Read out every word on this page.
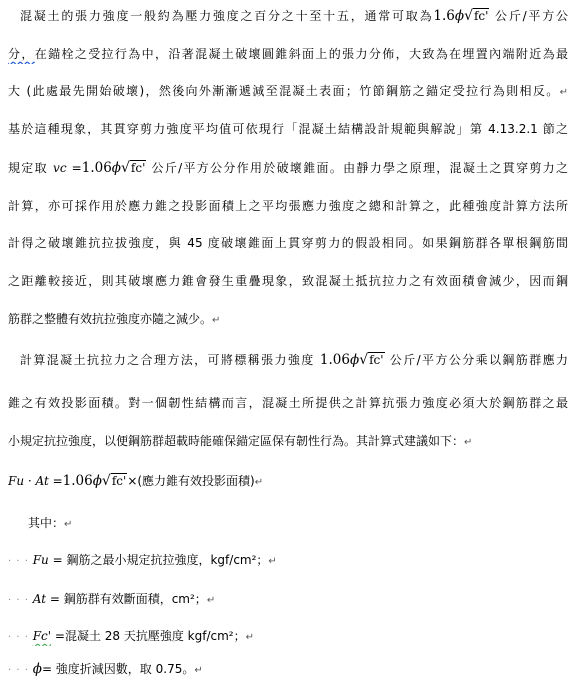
混凝土的張力強度一般約為壓力強度之百分之十至十五，通常可取為1.6ϕ√fc' 公斤/平方公
分，在錨栓之受拉行為中，沿著混凝土破壞圓錐斜面上的張力分佈，大致為在埋置內端附近為最
大 (此處最先開始破壞)，然後向外漸漸遞減至混凝土表面；竹節鋼筋之錨定受拉行為則相反。↵
基於這種現象，其貫穿剪力強度平均值可依現行「混凝土結構設計規範與解說」第 4.13.2.1 節之
規定取 vc =1.06ϕ√fc' 公斤/平方公分作用於破壞錐面。由靜力學之原理，混凝土之貫穿剪力之
計算，亦可採作用於應力錐之投影面積上之平均張應力強度之總和計算之，此種強度計算方法所
計得之破壞錐抗拉拔強度，與 45 度破壞錐面上貫穿剪力的假設相同。如果鋼筋群各單根鋼筋間
之距離較接近，則其破壞應力錐會發生重疊現象，致混凝土抵抗拉力之有效面積會減少，因而鋼
筋群之整體有效抗拉強度亦隨之減少。↵
計算混凝土抗拉力之合理方法，可將標稱張力強度 1.06ϕ√fc' 公斤/平方公分乘以鋼筋群應力
錐之有效投影面積。對一個韌性結構而言，混凝土所提供之計算抗張力強度必須大於鋼筋群之最
小規定抗拉強度，以便鋼筋群超載時能確保錨定區保有韌性行為。其計算式建議如下：↵
Fu · At =1.06ϕ√fc'×(應力錐有效投影面積)↵
其中：↵
· · · Fu = 鋼筋之最小規定抗拉強度，kgf/cm²；↵
· · · At = 鋼筋群有效斷面積，cm²；↵
· · · Fc' =混凝土 28 天抗壓強度 kgf/cm²；↵
· · · ϕ= 強度折減因數，取 0.75。↵
